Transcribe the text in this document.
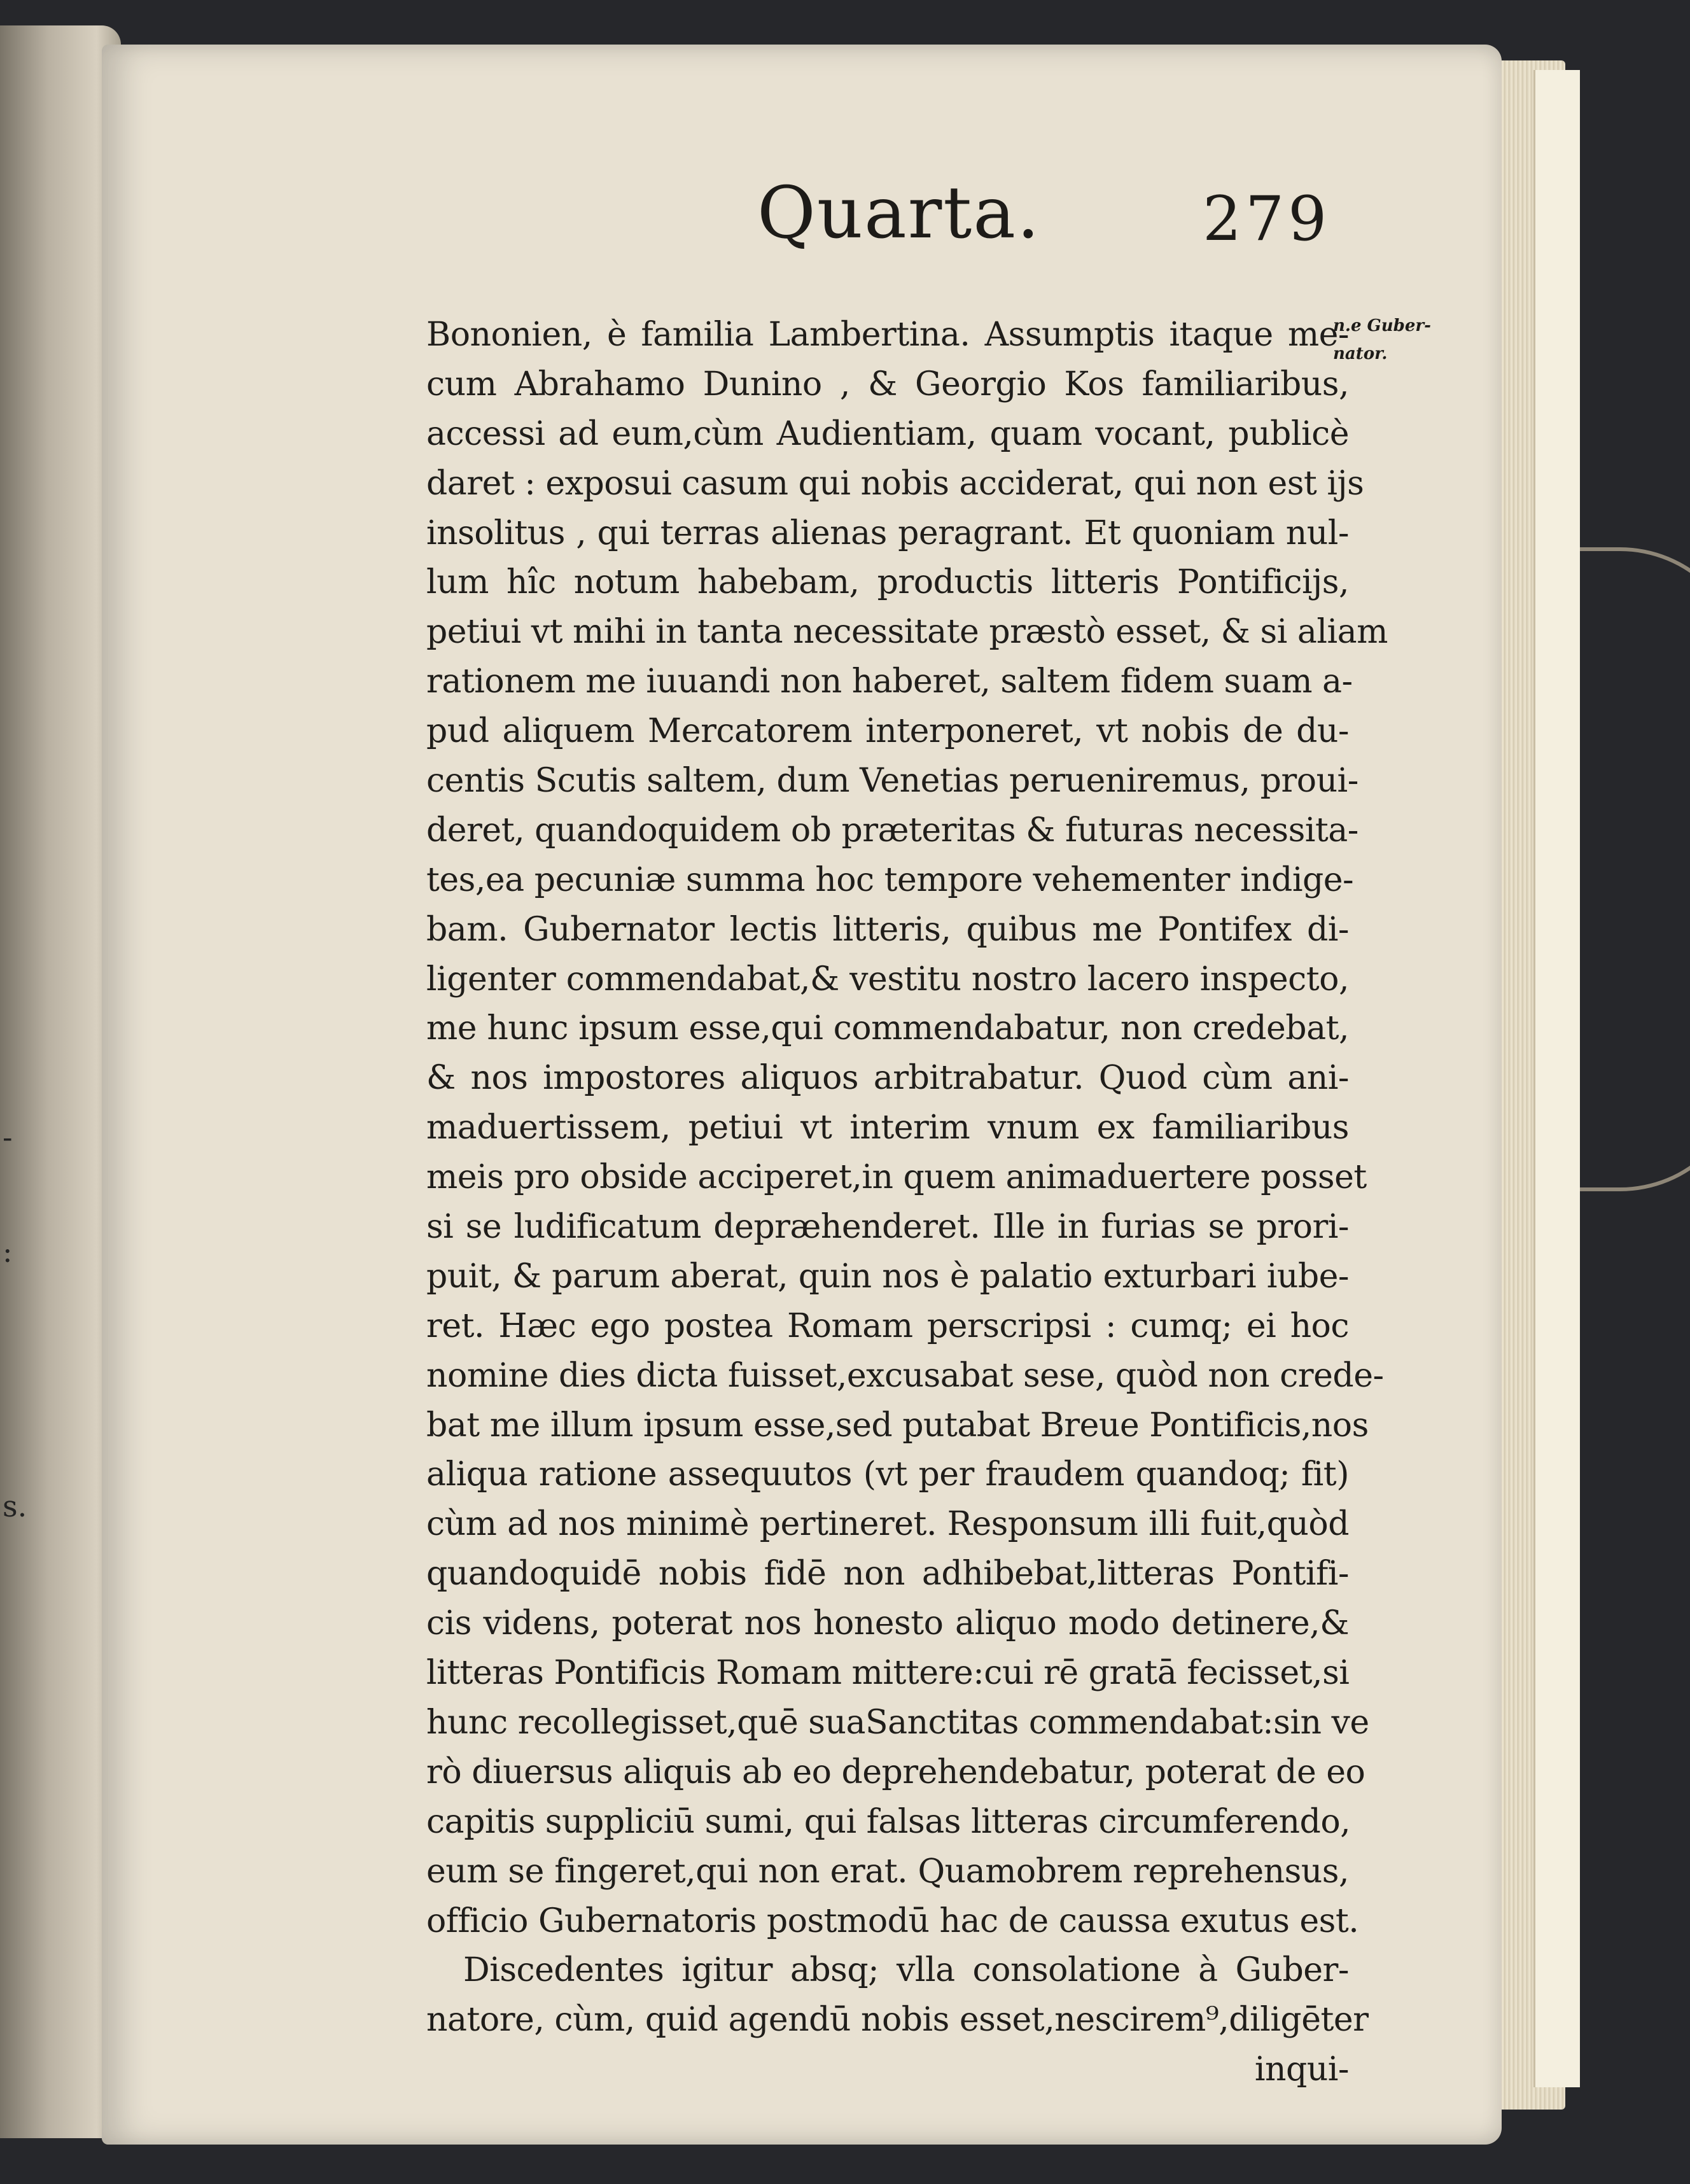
:
s.
-
Quarta.	279
n.e Guber-
nator.
Bononien, è familia Lambertina. Assumptis itaque me-
cum Abrahamo Dunino , & Georgio Kos familiaribus,
accessi ad eum,cùm Audientiam, quam vocant, publicè
daret : exposui casum qui nobis acciderat, qui non est ijs
insolitus , qui terras alienas peragrant. Et quoniam nul-
lum hîc notum habebam, productis litteris Pontificijs,
petiui vt mihi in tanta necessitate præstò esset, & si aliam
rationem me iuuandi non haberet, saltem fidem suam a-
pud aliquem Mercatorem interponeret, vt nobis de du-
centis Scutis saltem, dum Venetias perueniremus, proui-
deret, quandoquidem ob præteritas & futuras necessita-
tes,ea pecuniæ summa hoc tempore vehementer indige-
bam. Gubernator lectis litteris, quibus me Pontifex di-
ligenter commendabat,& vestitu nostro lacero inspecto,
me hunc ipsum esse,qui commendabatur, non credebat,
& nos impostores aliquos arbitrabatur. Quod cùm ani-
maduertissem, petiui vt interim vnum ex familiaribus
meis pro obside acciperet,in quem animaduertere posset
si se ludificatum depræhenderet. Ille in furias se prori-
puit, & parum aberat, quin nos è palatio exturbari iube-
ret. Hæc ego postea Romam perscripsi : cumq; ei hoc
nomine dies dicta fuisset,excusabat sese, quòd non crede-
bat me illum ipsum esse,sed putabat Breue Pontificis,nos
aliqua ratione assequutos (vt per fraudem quandoq; fit)
cùm ad nos minimè pertineret. Responsum illi fuit,quòd
quandoquidē nobis fidē non adhibebat,litteras Pontifi-
cis videns, poterat nos honesto aliquo modo detinere,&
litteras Pontificis Romam mittere:cui rē gratā fecisset,si
hunc recollegisset,quē suaSanctitas commendabat:sin ve
rò diuersus aliquis ab eo deprehendebatur, poterat de eo
capitis suppliciū sumi, qui falsas litteras circumferendo,
eum se fingeret,qui non erat. Quamobrem reprehensus,
officio Gubernatoris postmodū hac de caussa exutus est.
Discedentes igitur absq; vlla consolatione à Guber-
natore, cùm, quid agendū nobis esset,nescirem⁹,diligēter
inqui-
